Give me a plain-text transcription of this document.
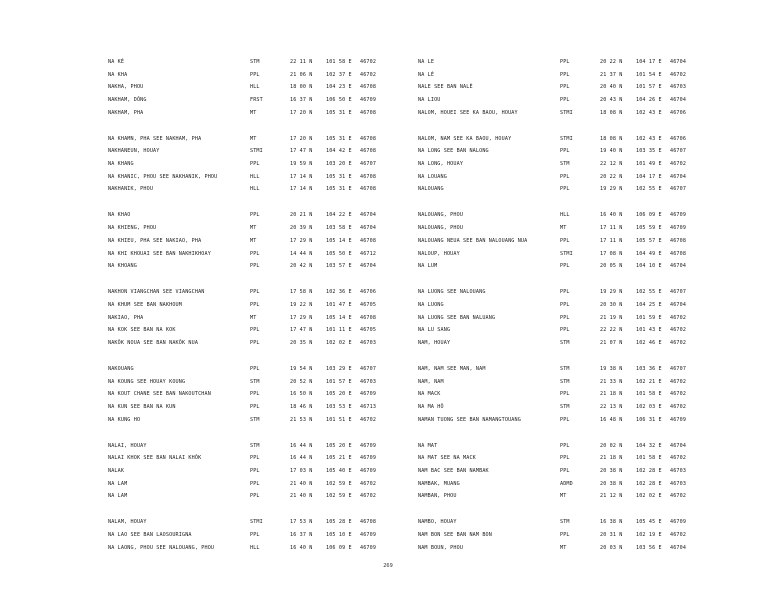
NA KÉ	STM	22 11 N	101 58 E 46702
NA KHA	PPL	21 06 N	102 37 E 46702
NAKHA, PHOU	HLL	18 00 N	104 23 E 46708
NAKHAM, DÔNG	FRST	16 37 N	106 50 E 46709
NAKHAM, PHA	MT	17 20 N	105 31 E 46708
NA KHAMN, PHA SEE NAKHAM, PHA	MT	17 20 N	105 31 E 46708
NAKHANEUN, HOUAY	STMI	17 47 N	104 42 E 46708
NA KHANG	PPL	19 59 N	103 20 E 46707
NA KHANIC, PHOU SEE NAKHANIK, PHOU	HLL	17 14 N	105 31 E 46708
NAKHANIK, PHOU	HLL	17 14 N	105 31 E 46708
NA KHAO	PPL	20 21 N	104 22 E 46704
NA KHIENG, PHOU	MT	20 39 N	103 58 E 46704
NA KHIEU, PHA SEE NAKIAO, PHA	MT	17 29 N	105 14 E 46708
NA KHI KHOUAI SEE BAN NAKHIKHOAY	PPL	14 44 N	105 50 E 46712
NA KHOANG	PPL	20 42 N	103 57 E 46704
NAKHON VIANGCHAN SEE VIANGCHAN	PPL	17 58 N	102 36 E 46706
NA KHUM SEE BAN NAKHOUM	PPL	19 22 N	101 47 E 46705
NAKIAO, PHA	MT	17 29 N	105 14 E 46708
NA KOK SEE BAN NA KOK	PPL	17 47 N	101 11 E 46705
NAKÔK NOUA SEE BAN NAKÔK NUA	PPL	20 35 N	102 02 E 46703
NAKOUANG	PPL	19 54 N	103 29 E 46707
NA KOUNG SEE HOUAY KOUNG	STM	20 52 N	101 57 E 46703
NA KOUT CHANE SEE BAN NAKOUTCHAN	PPL	16 50 N	105 20 E 46709
NA KUN SEE BAN NA KUN	PPL	18 46 N	103 53 E 46713
NA KUNG HO	STM	21 53 N	101 51 E 46702
NALAI, HOUAY	STM	16 44 N	105 20 E 46709
NALAI KHOK SEE BAN NALAI KHÔK	PPL	16 44 N	105 21 E 46709
NALAK	PPL	17 03 N	105 40 E 46709
NA LAM	PPL	21 40 N	102 59 E 46702
NA LAM	PPL	21 40 N	102 59 E 46702
NALAM, HOUAY	STMI	17 53 N	105 28 E 46708
NA LAO SEE BAN LAOSOURIGNA	PPL	16 37 N	105 10 E 46709
NA LAONG, PHOU SEE NALOUANG, PHOU	HLL	16 40 N	106 09 E 46709
NA LE	PPL	20 22 N	104 17 E 46704
NA LÈ	PPL	21 37 N	101 54 E 46702
NALE SEE BAN NALÈ	PPL	20 40 N	101 57 E 46703
NA LIOU	PPL	20 43 N	104 26 E 46704
NALOM, HOUEI SEE KA BAOU, HOUAY	STMI	18 08 N	102 43 E 46706
NALOM, NAM SEE KA BAOU, HOUAY	STMI	18 08 N	102 43 E 46706
NA LONG SEE BAN NALONG	PPL	19 40 N	103 35 E 46707
NA LONG, HOUAY	STM	22 12 N	101 49 E 46702
NA LOUANG	PPL	20 22 N	104 17 E 46704
NALOUANG	PPL	19 29 N	102 55 E 46707
NALOUANG, PHOU	HLL	16 40 N	106 09 E 46709
NALOUANG, PHOU	MT	17 11 N	105 59 E 46709
NALOUANG NEUA SEE BAN NALOUANG NUA	PPL	17 11 N	105 57 E 46708
NALOUP, HOUAY	STMI	17 08 N	104 49 E 46708
NA LUM	PPL	20 05 N	104 10 E 46704
NA LUONG SEE NALOUANG	PPL	19 29 N	102 55 E 46707
NA LUONG	PPL	20 30 N	104 25 E 46704
NA LUONG SEE BAN NALUANG	PPL	21 19 N	101 59 E 46702
NA LU SANG	PPL	22 22 N	101 43 E 46702
NAM, HOUAY	STM	21 07 N	102 46 E 46702
NAM, NAM SEE MAN, NAM	STM	19 38 N	103 36 E 46707
NAM, NAM	STM	21 33 N	102 21 E 46702
NA MACK	PPL	21 18 N	101 58 E 46702
NA MA HÔ	STM	22 13 N	102 03 E 46702
NAMAN TUONG SEE BAN NAMANGTOUANG	PPL	16 48 N	106 31 E 46709
NA MAT	PPL	20 02 N	104 32 E 46704
NA MAT SEE NA MACK	PPL	21 18 N	101 58 E 46702
NAM BAC SEE BAN NAMBAK	PPL	20 38 N	102 28 E 46703
NAMBAK, MUANG	ADMD	20 38 N	102 28 E 46703
NAMBAN, PHOU	MT	21 12 N	102 02 E 46702
NAMBO, HOUAY	STM	16 38 N	105 45 E 46709
NAM BON SEE BAN NAM BON	PPL	20 31 N	102 19 E 46702
NAM BOUN, PHOU	MT	20 03 N	103 56 E 46704
269
